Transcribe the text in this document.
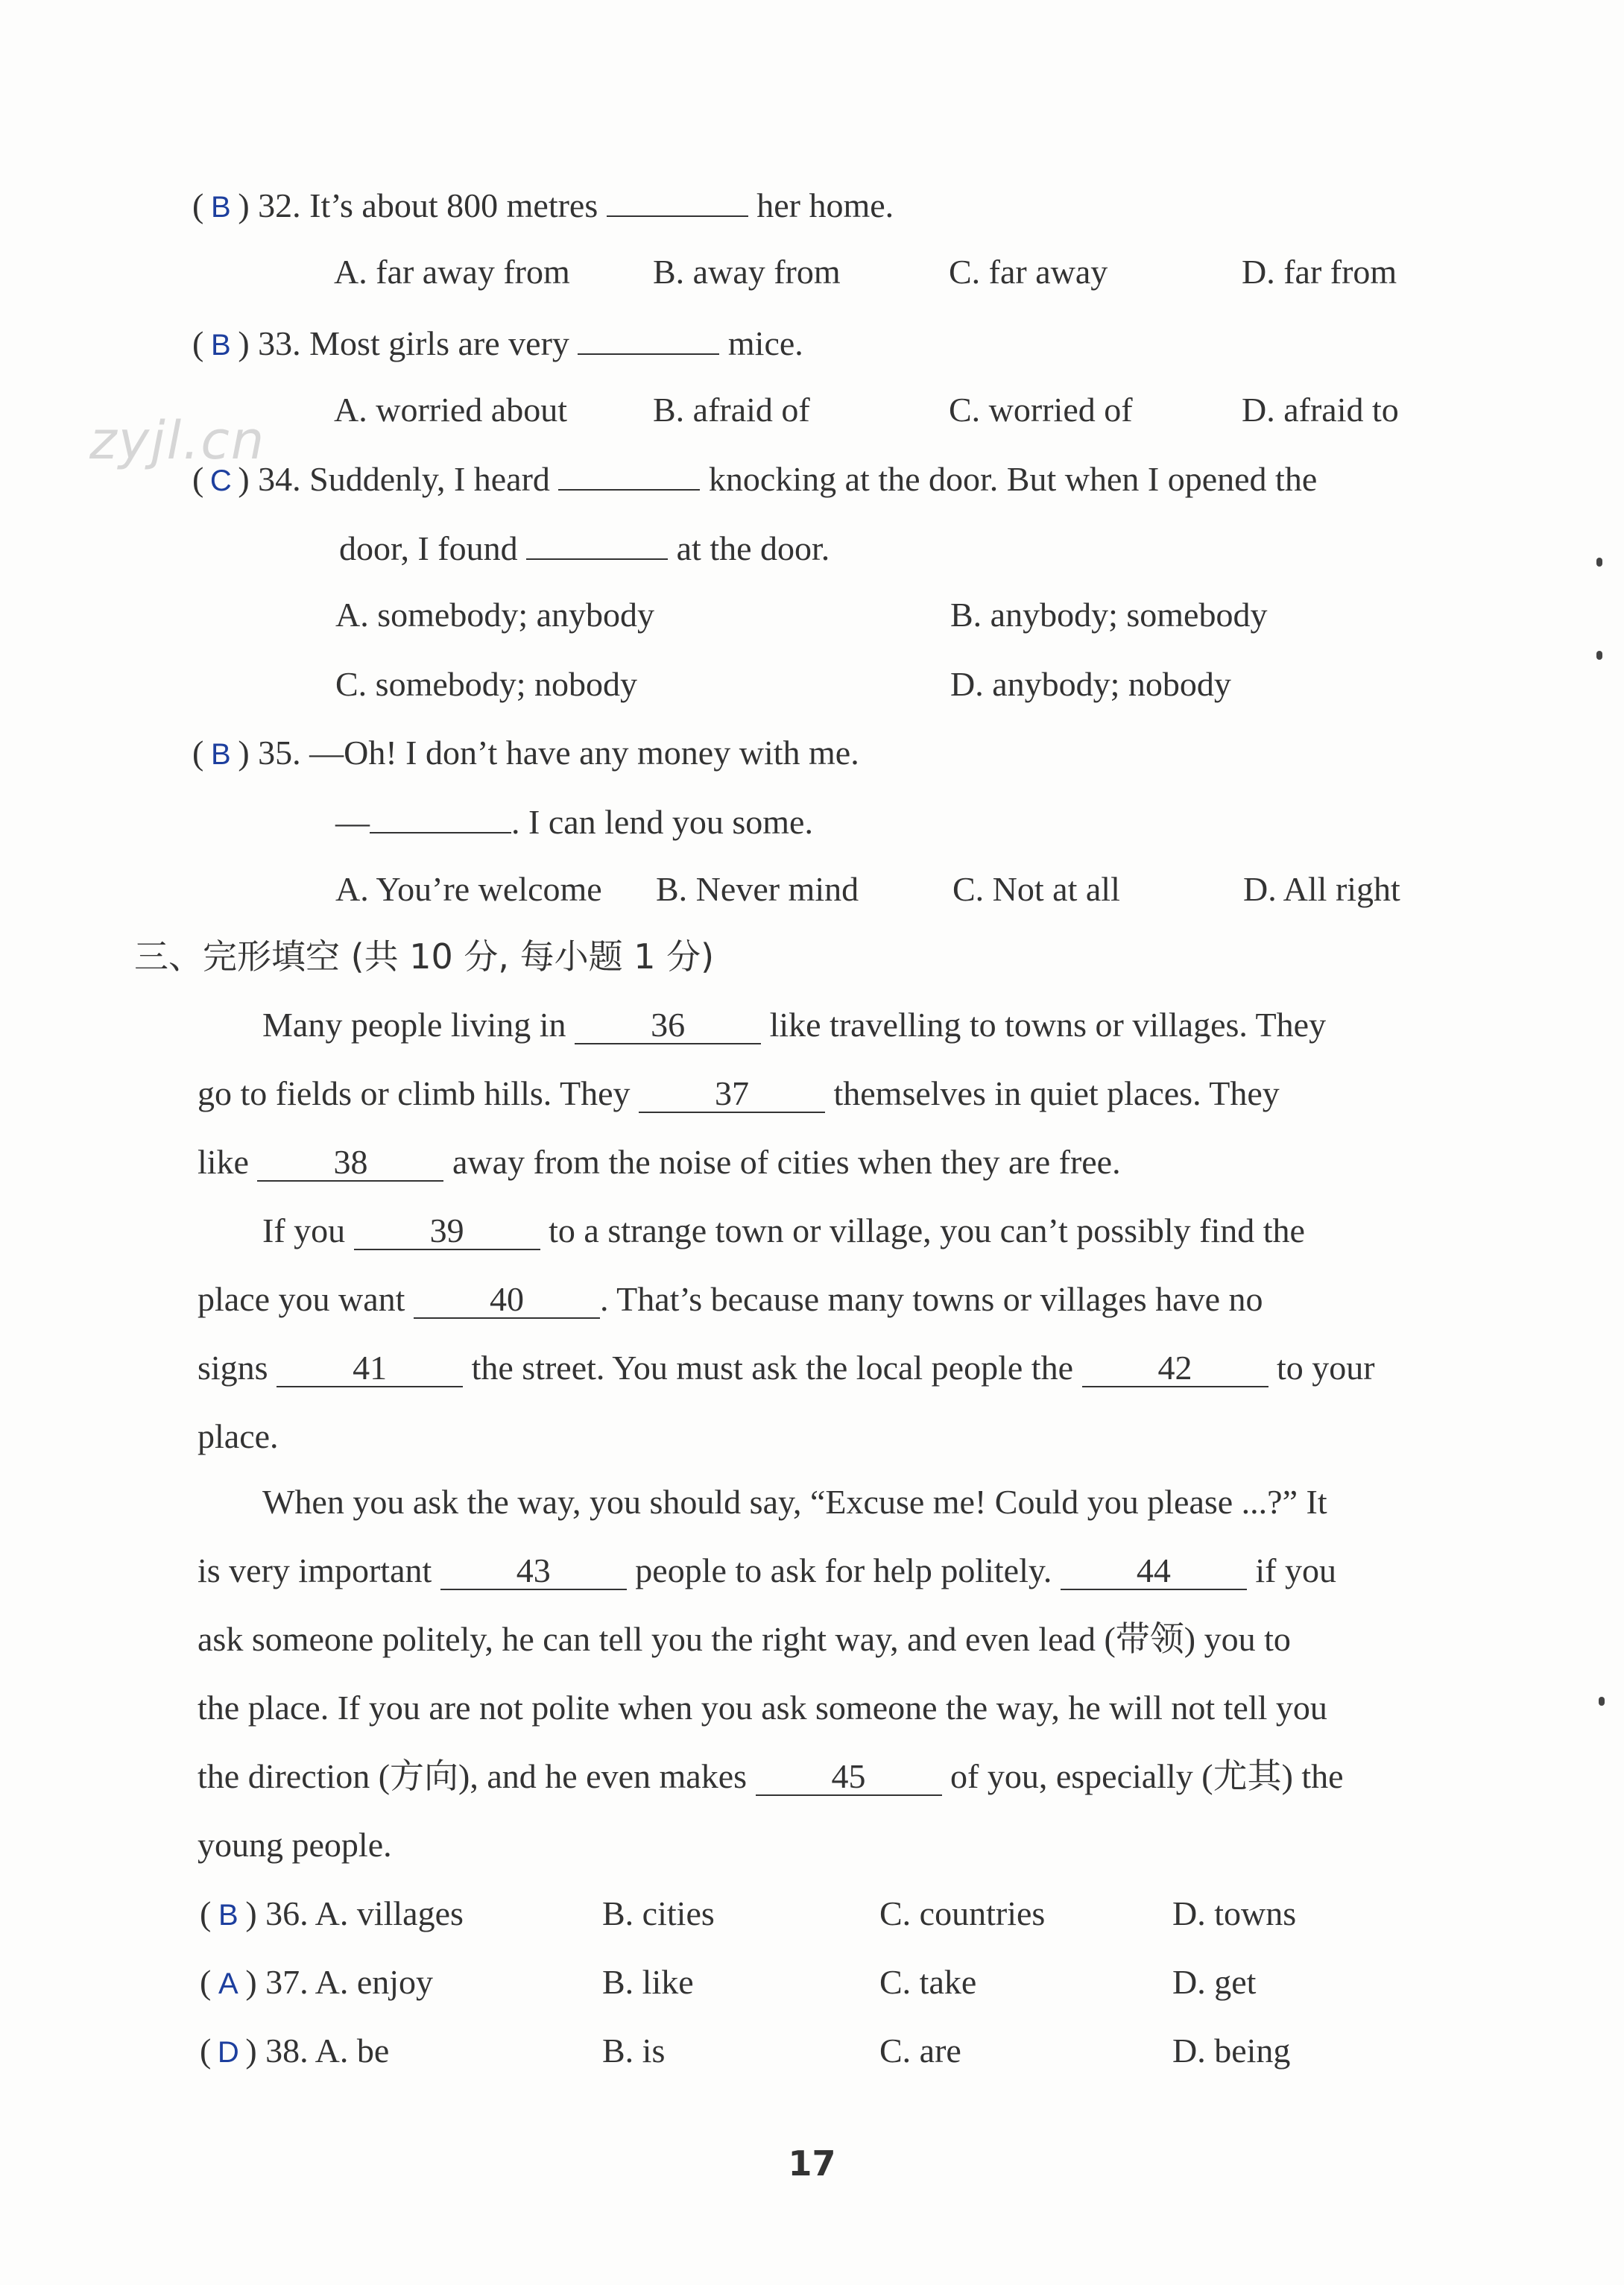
zyjl.cn
( B ) 32. It’s about 800 metres	her home.
A. far away from B. away from	C. far away	D. far from
( B ) 33. Most girls are very	mice.
A. worried about	B. afraid of	C. worried of	D. afraid to
( C ) 34. Suddenly, I heard	knocking at the door. But when I opened the
door, I found	at the door.
A. somebody; anybody	B. anybody; somebody
C. somebody; nobody	D. anybody; nobody
( B ) 35. —Oh! I don’t have any money with me.
—	. I can lend you some.
A. You’re welcome B. Never mind	C. Not at all	D. All right
三、完形填空 (共 10 分, 每小题 1 分)
Many people living in 36 like travelling to towns or villages. They
go to fields or climb hills. They 37 themselves in quiet places. They
like 38 away from the noise of cities when they are free.
If you 39 to a strange town or village, you can’t possibly find the
place you want 40 . That’s because many towns or villages have no
signs 41 the street. You must ask the local people the 42 to your
place.
When you ask the way, you should say, “Excuse me! Could you please ...?” It
is very important 43 people to ask for help politely. 44 if you
ask someone politely, he can tell you the right way, and even lead (带领) you to
the place. If you are not polite when you ask someone the way, he will not tell you
the direction (方向), and he even makes 45 of you, especially (尤其) the
young people.
( B ) 36. A. villages	B. cities	C. countries	D. towns
( A ) 37. A. enjoy	B. like	C. take	D. get
( D ) 38. A. be	B. is	C. are	D. being
17
